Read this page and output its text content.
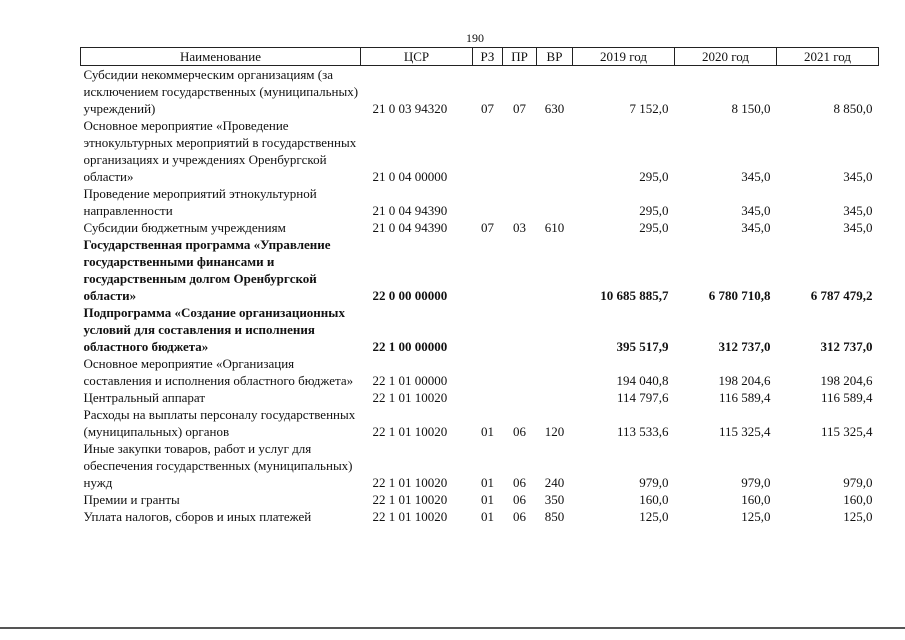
190
Наименование	ЦСР	РЗ	ПР	ВР	2019 год	2020 год	2021 год
Субсидии некоммерческим организациям (за исключением государственных (муниципальных) учреждений)	21 0 03 94320	07	07	630	7 152,0	8 150,0	8 850,0
Основное мероприятие «Проведение этнокультурных мероприятий в государственных организациях и учреждениях Оренбургской области»	21 0 04 00000				295,0	345,0	345,0
Проведение мероприятий этнокультурной направленности	21 0 04 94390				295,0	345,0	345,0
Субсидии бюджетным учреждениям	21 0 04 94390	07	03	610	295,0	345,0	345,0
Государственная программа «Управление государственными финансами и государственным долгом Оренбургской области»	22 0 00 00000				10 685 885,7	6 780 710,8	6 787 479,2
Подпрограмма «Создание организационных условий для составления и исполнения областного бюджета»	22 1 00 00000				395 517,9	312 737,0	312 737,0
Основное мероприятие «Организация составления и исполнения областного бюджета»	22 1 01 00000				194 040,8	198 204,6	198 204,6
Центральный аппарат	22 1 01 10020				114 797,6	116 589,4	116 589,4
Расходы на выплаты персоналу государственных (муниципальных) органов	22 1 01 10020	01	06	120	113 533,6	115 325,4	115 325,4
Иные закупки товаров, работ и услуг для обеспечения государственных (муниципальных) нужд	22 1 01 10020	01	06	240	979,0	979,0	979,0
Премии и гранты	22 1 01 10020	01	06	350	160,0	160,0	160,0
Уплата налогов, сборов и иных платежей	22 1 01 10020	01	06	850	125,0	125,0	125,0
